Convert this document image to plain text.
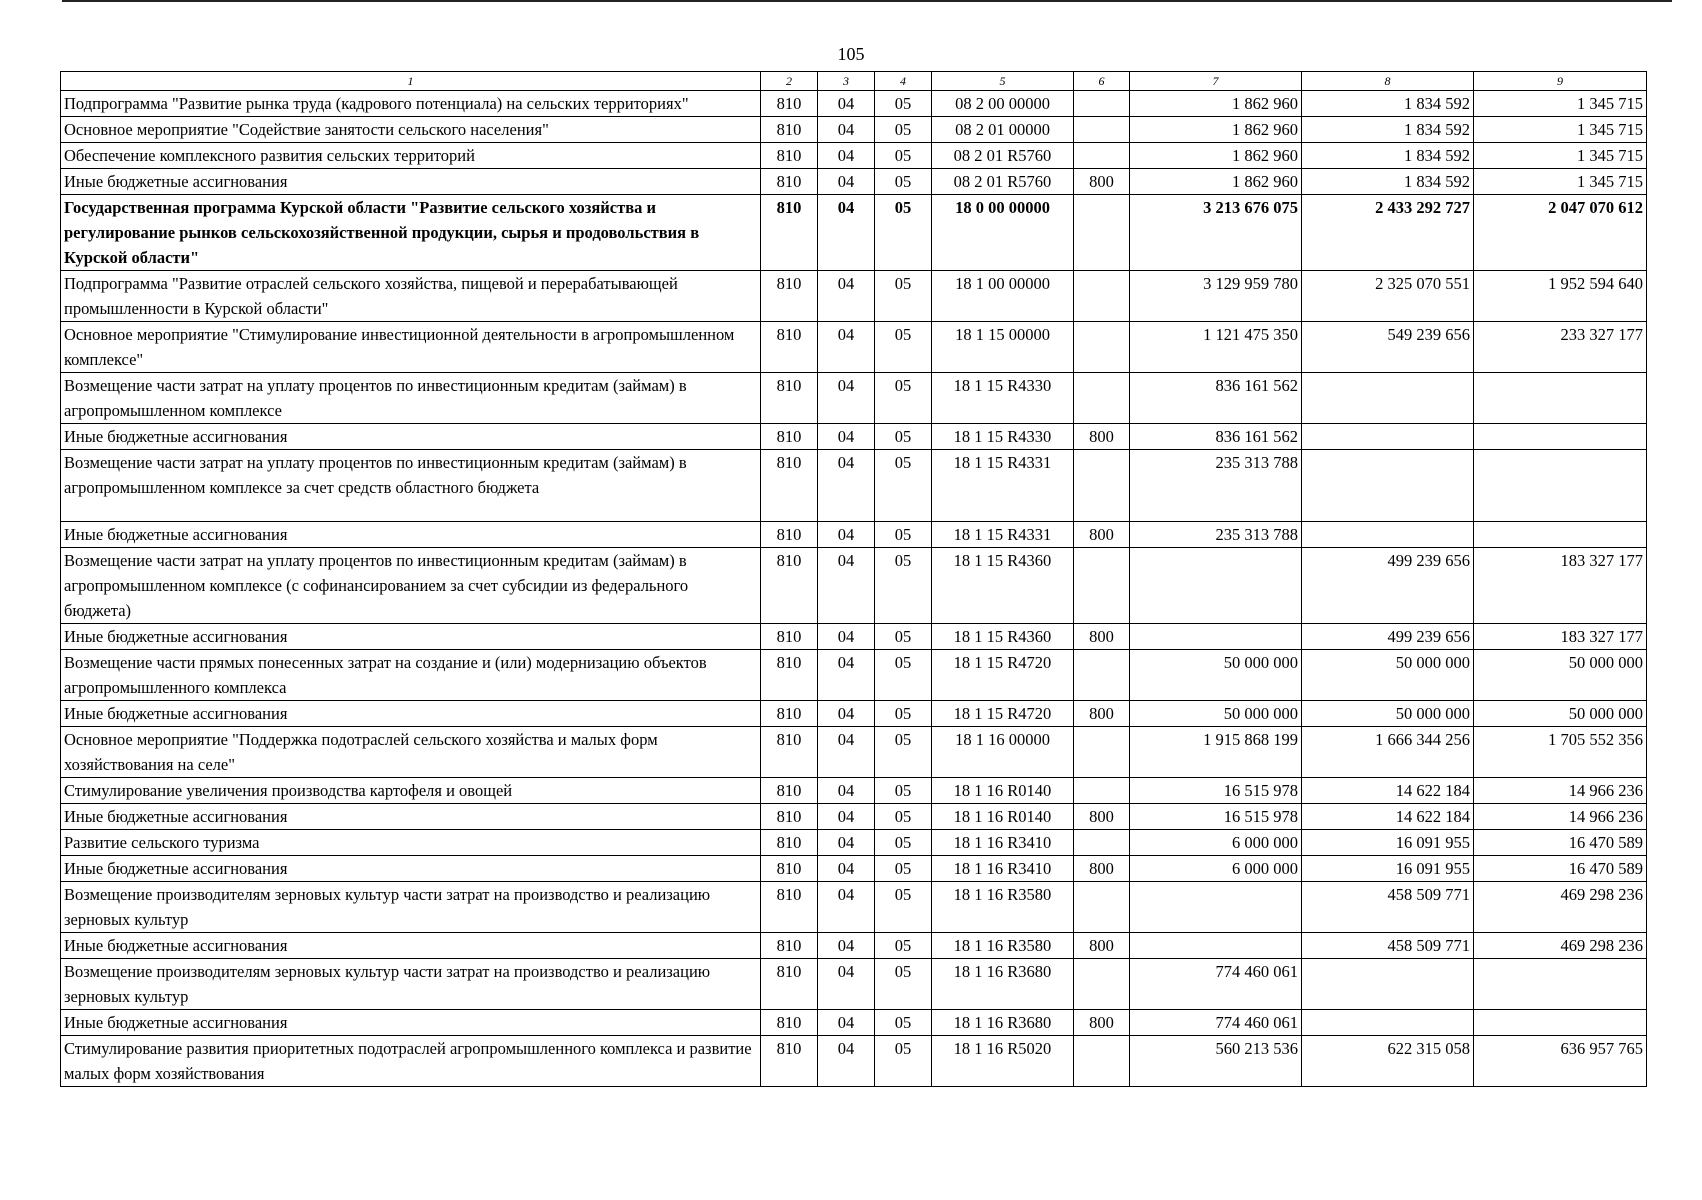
105
1	2	3	4	5	6	7	8	9
Подпрограмма "Развитие рынка труда (кадрового потенциала) на сельских территориях"	810	04	05	08 2 00 00000		1 862 960	1 834 592	1 345 715
Основное мероприятие "Содействие занятости сельского населения"	810	04	05	08 2 01 00000		1 862 960	1 834 592	1 345 715
Обеспечение комплексного развития сельских территорий	810	04	05	08 2 01 R5760		1 862 960	1 834 592	1 345 715
Иные бюджетные ассигнования	810	04	05	08 2 01 R5760	800	1 862 960	1 834 592	1 345 715
Государственная программа Курской области "Развитие сельского хозяйства и регулирование рынков сельскохозяйственной продукции, сырья и продовольствия в Курской области"	810	04	05	18 0 00 00000		3 213 676 075	2 433 292 727	2 047 070 612
Подпрограмма "Развитие отраслей сельского хозяйства, пищевой и перерабатывающей промышленности в Курской области"	810	04	05	18 1 00 00000		3 129 959 780	2 325 070 551	1 952 594 640
Основное мероприятие "Стимулирование инвестиционной деятельности в агропромышленном комплексе"	810	04	05	18 1 15 00000		1 121 475 350	549 239 656	233 327 177
Возмещение части затрат на уплату процентов по инвестиционным кредитам (займам) в агропромышленном комплексе	810	04	05	18 1 15 R4330		836 161 562		
Иные бюджетные ассигнования	810	04	05	18 1 15 R4330	800	836 161 562		
Возмещение части затрат на уплату процентов по инвестиционным кредитам (займам) в агропромышленном комплексе за счет средств областного бюджета	810	04	05	18 1 15 R4331		235 313 788		
Иные бюджетные ассигнования	810	04	05	18 1 15 R4331	800	235 313 788		
Возмещение части затрат на уплату процентов по инвестиционным кредитам (займам) в агропромышленном комплексе (с софинансированием за счет субсидии из федерального бюджета)	810	04	05	18 1 15 R4360			499 239 656	183 327 177
Иные бюджетные ассигнования	810	04	05	18 1 15 R4360	800		499 239 656	183 327 177
Возмещение части прямых понесенных затрат на создание и (или) модернизацию объектов агропромышленного комплекса	810	04	05	18 1 15 R4720		50 000 000	50 000 000	50 000 000
Иные бюджетные ассигнования	810	04	05	18 1 15 R4720	800	50 000 000	50 000 000	50 000 000
Основное мероприятие "Поддержка подотраслей сельского хозяйства и малых форм хозяйствования на селе"	810	04	05	18 1 16 00000		1 915 868 199	1 666 344 256	1 705 552 356
Стимулирование увеличения производства картофеля и овощей	810	04	05	18 1 16 R0140		16 515 978	14 622 184	14 966 236
Иные бюджетные ассигнования	810	04	05	18 1 16 R0140	800	16 515 978	14 622 184	14 966 236
Развитие сельского туризма	810	04	05	18 1 16 R3410		6 000 000	16 091 955	16 470 589
Иные бюджетные ассигнования	810	04	05	18 1 16 R3410	800	6 000 000	16 091 955	16 470 589
Возмещение производителям зерновых культур части затрат на производство и реализацию зерновых культур	810	04	05	18 1 16 R3580			458 509 771	469 298 236
Иные бюджетные ассигнования	810	04	05	18 1 16 R3580	800		458 509 771	469 298 236
Возмещение производителям зерновых культур части затрат на производство и реализацию зерновых культур	810	04	05	18 1 16 R3680		774 460 061		
Иные бюджетные ассигнования	810	04	05	18 1 16 R3680	800	774 460 061		
Стимулирование развития приоритетных подотраслей агропромышленного комплекса и развитие малых форм хозяйствования	810	04	05	18 1 16 R5020		560 213 536	622 315 058	636 957 765
